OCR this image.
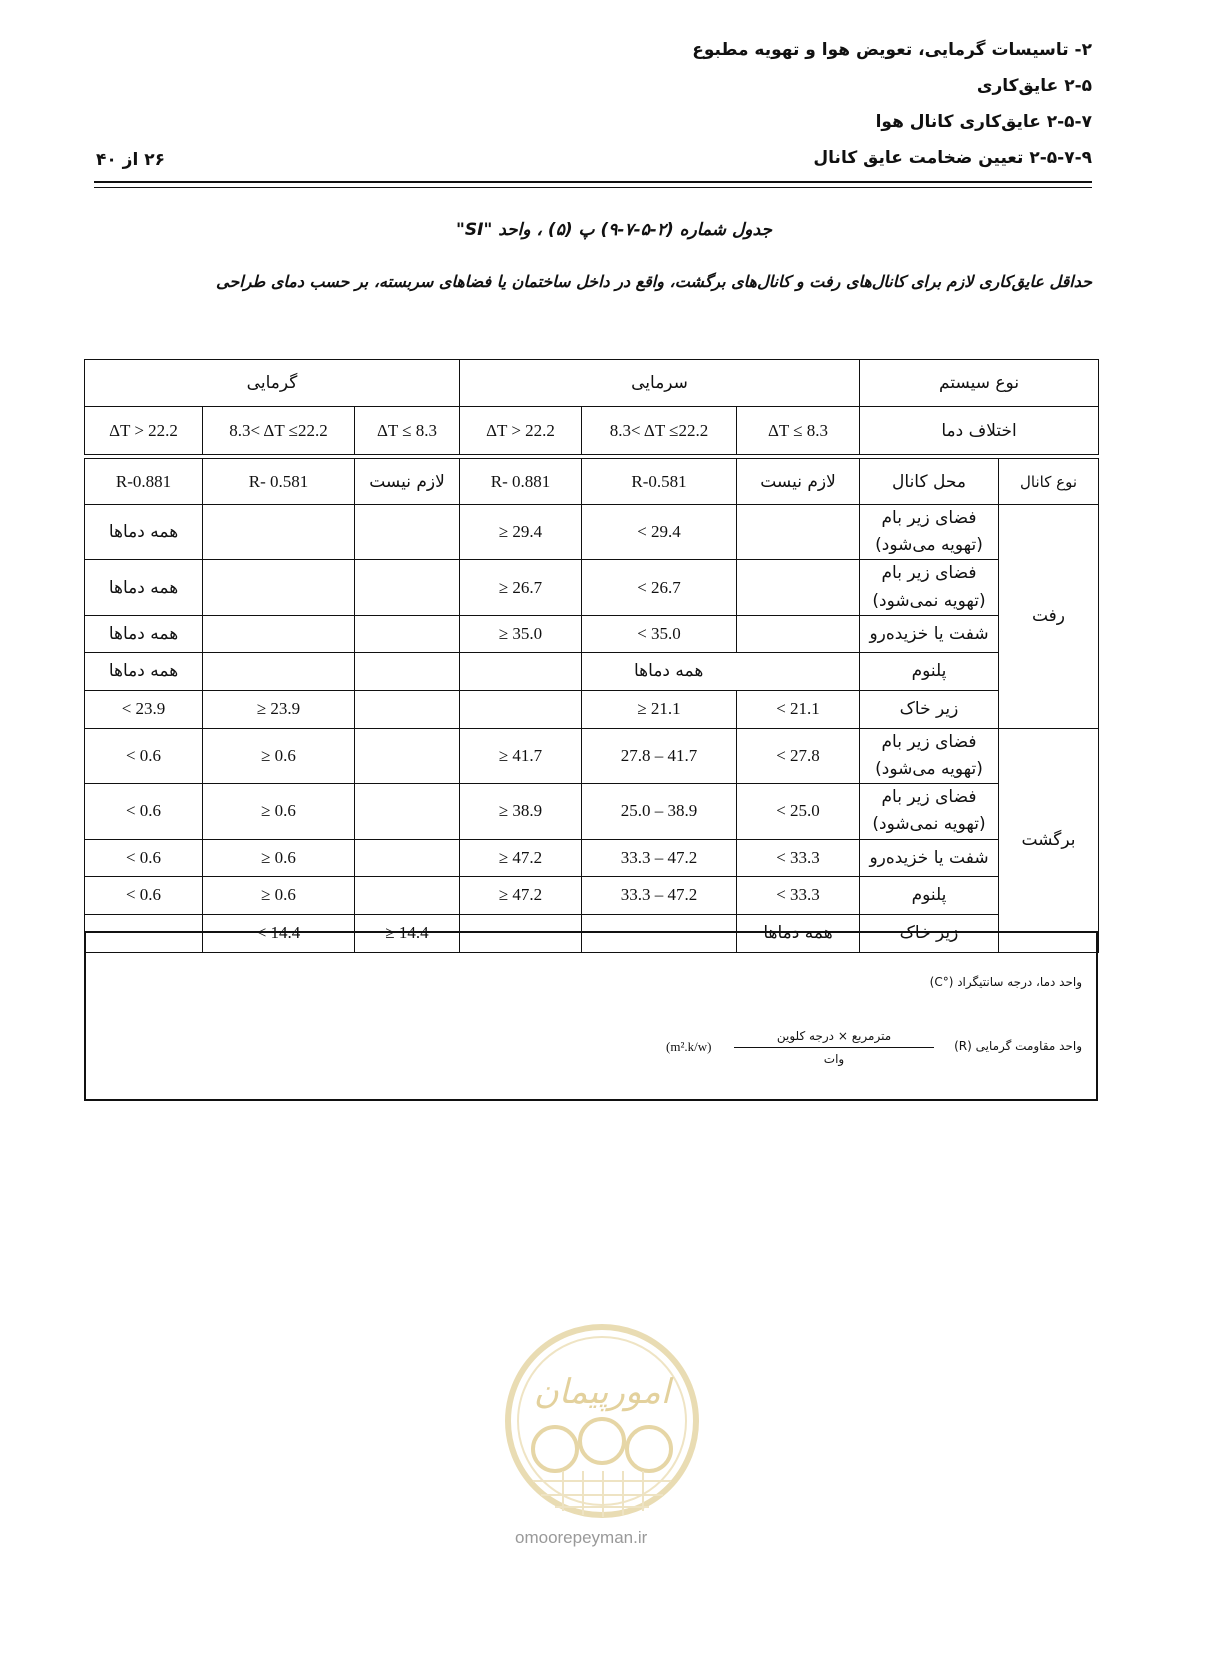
۲- تاسیسات گرمایی، تعویض هوا و تهویه مطبوع
۲-۵ عایق‌کاری
۲-۵-۷ عایق‌کاری کانال هوا
۲-۵-۷-۹ تعیین ضخامت عایق کانال
۲۶ از ۴۰
جدول شماره (۲-۵-۷-۹) پ (۵) ، واحد "SI"
حداقل عایق‌کاری لازم برای کانال‌های رفت و کانال‌های برگشت، واقع در داخل ساختمان یا فضاهای سربسته، بر حسب دمای طراحی
گرمایی			سرمایی			نوع سیستم
ΔT > 22.2	8.3< ΔT ≤22.2	ΔT ≤ 8.3	ΔT > 22.2	8.3< ΔT ≤22.2	ΔT ≤ 8.3	اختلاف دما
R-0.881	R- 0.581	لازم نیست	R- 0.881	R-0.581	لازم نیست	محل کانال	نوع کانال
همه دماها			≥ 29.4	< 29.4		فضای زیر بام (تهویه می‌شود)	رفت
همه دماها			≥ 26.7	< 26.7		فضای زیر بام (تهویه نمی‌شود)	
همه دماها			≥ 35.0	< 35.0		شفت یا خزیده‌رو	
همه دماها				همه دماها		پلنوم	
< 23.9	≥ 23.9			≥ 21.1	< 21.1	زیر خاک	
< 0.6	≥ 0.6		≥ 41.7	27.8 – 41.7	< 27.8	فضای زیر بام (تهویه می‌شود)	برگشت
< 0.6	≥ 0.6		≥ 38.9	25.0 – 38.9	< 25.0	فضای زیر بام (تهویه نمی‌شود)	
< 0.6	≥ 0.6		≥ 47.2	33.3 – 47.2	< 33.3	شفت یا خزیده‌رو	
< 0.6	≥ 0.6		≥ 47.2	33.3 – 47.2	< 33.3	پلنوم	
	< 14.4	≥ 14.4			همه دماها	زیر خاک	
واحد دما، درجه سانتیگراد (°C)
واحد مقاومت گرمایی (R)
مترمربع × درجه کلوین
وات
(m².k/w)
امورپیمان
omoorepeyman.ir
